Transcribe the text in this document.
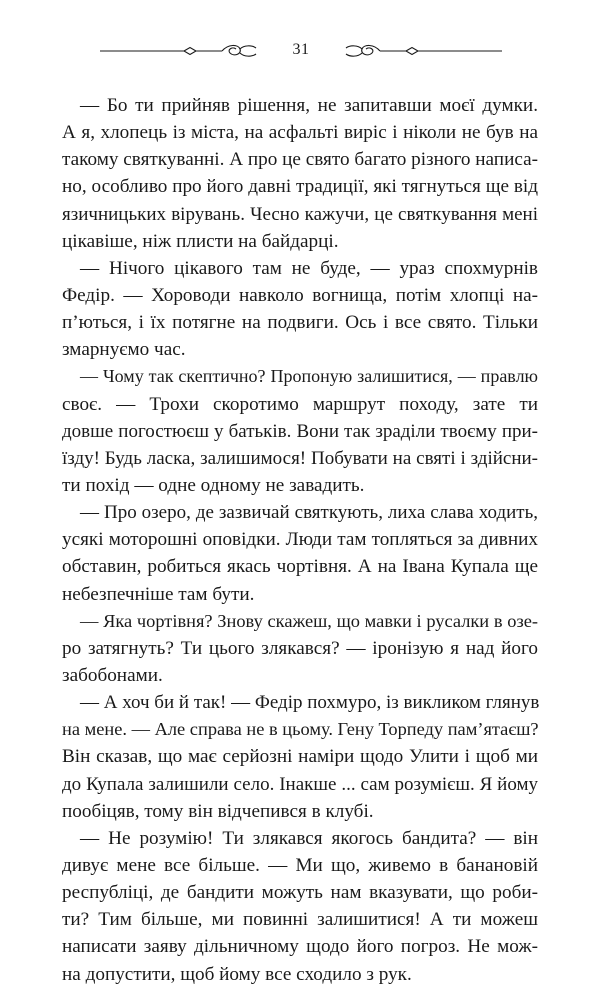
31
— Бо ти прийняв рішення, не запитавши моєї думки.
А я, хлопець із міста, на асфальті виріс і ніколи не був на
такому святкуванні. А про це свято багато різного написа-
но, особливо про його давні традиції, які тягнуться ще від
язичницьких вірувань. Чесно кажучи, це святкування мені
цікавіше, ніж плисти на байдарці.
— Нічого цікавого там не буде, — ураз спохмурнів
Федір. — Хороводи навколо вогнища, потім хлопці на-
п’ються, і їх потягне на подвиги. Ось і все свято. Тільки
змарнуємо час.
— Чому так скептично? Пропоную залишитися, — правлю
своє. — Трохи скоротимо маршрут походу, зате ти
довше погостюєш у батьків. Вони так зраділи твоєму при-
їзду! Будь ласка, залишимося! Побувати на святі і здійсни-
ти похід — одне одному не завадить.
— Про озеро, де зазвичай святкують, лиха слава ходить,
усякі моторошні оповідки. Люди там топляться за дивних
обставин, робиться якась чортівня. А на Івана Купала ще
небезпечніше там бути.
— Яка чортівня? Знову скажеш, що мавки і русалки в озе-
ро затягнуть? Ти цього злякався? — іронізую я над його
забобонами.
— А хоч би й так! — Федір похмуро, із викликом глянув
на мене. — Але справа не в цьому. Гену Торпеду пам’ятаєш?
Він сказав, що має серйозні наміри щодо Улити і щоб ми
до Купала залишили село. Інакше ... сам розумієш. Я йому
пообіцяв, тому він відчепився в клубі.
— Не розумію! Ти злякався якогось бандита? — він
дивує мене все більше. — Ми що, живемо в банановій
республіці, де бандити можуть нам вказувати, що роби-
ти? Тим більше, ми повинні залишитися! А ти можеш
написати заяву дільничному щодо його погроз. Не мож-
на допустити, щоб йому все сходило з рук.
